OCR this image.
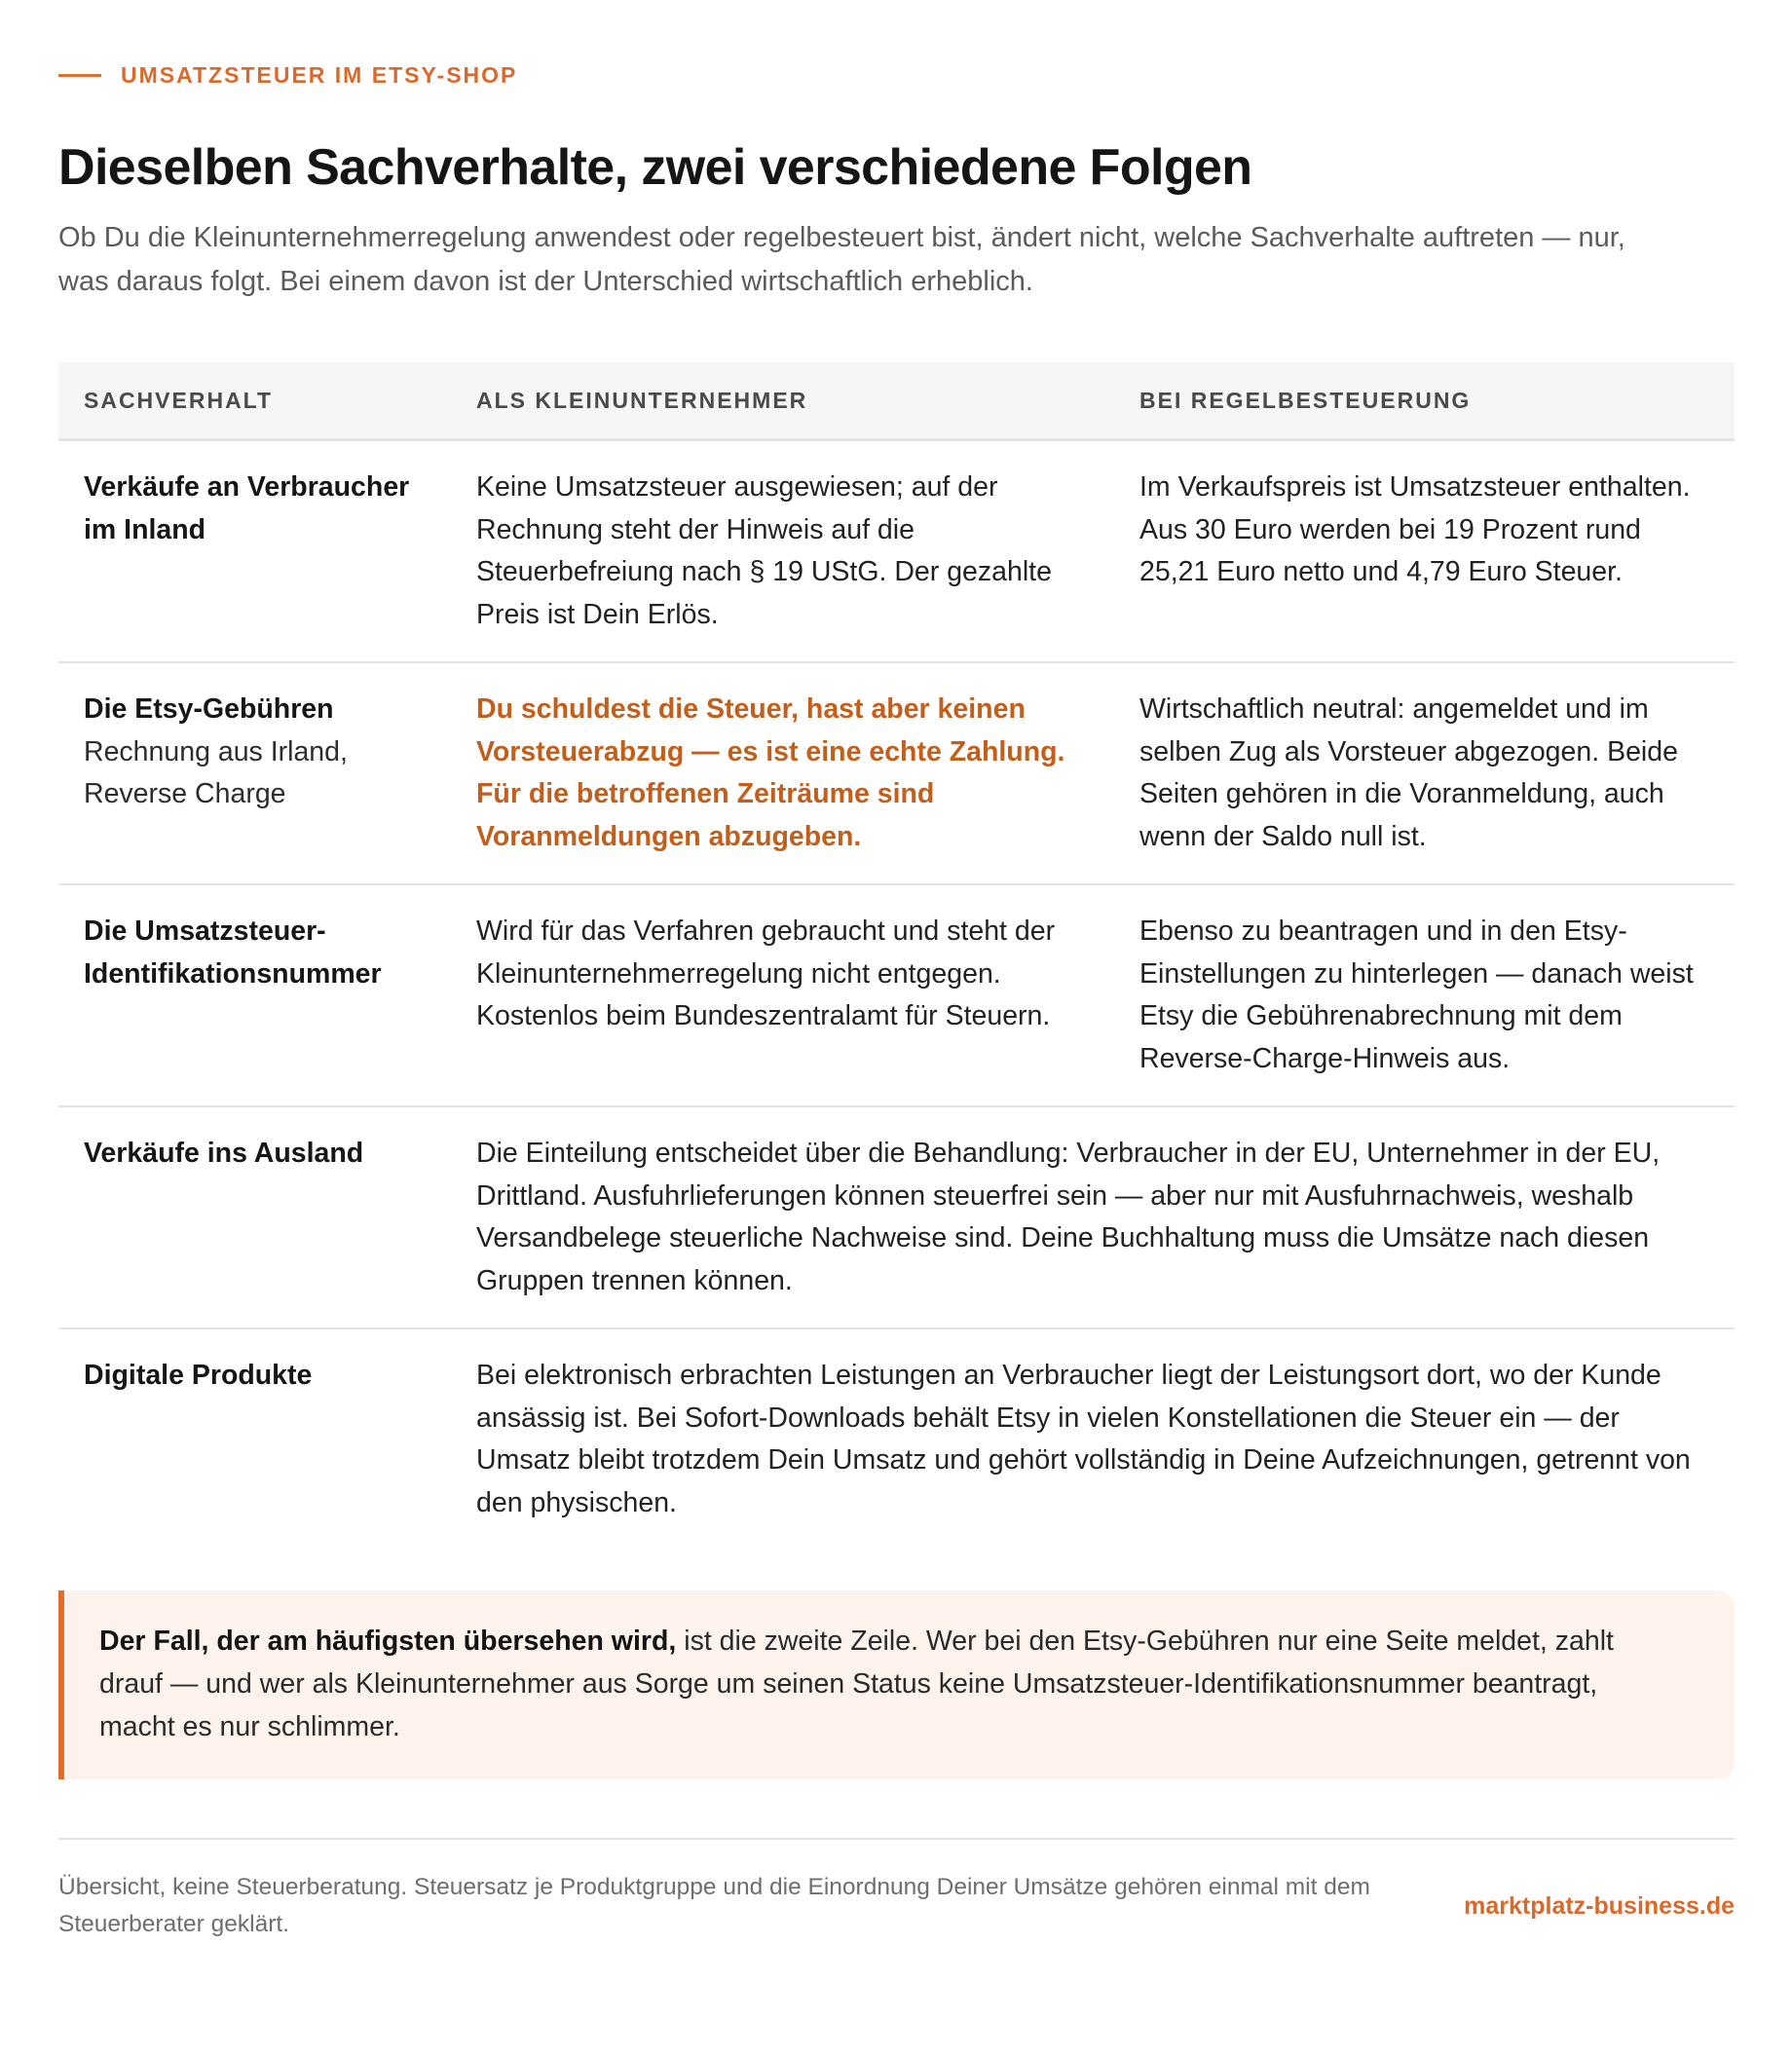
UMSATZSTEUER IM ETSY-SHOP
Dieselben Sachverhalte, zwei verschiedene Folgen

Ob Du die Kleinunternehmerregelung anwendest oder regelbesteuert bist, ändert nicht, welche Sachverhalte auftreten — nur, was daraus folgt. Bei einem davon ist der Unterschied wirtschaftlich erheblich.

SACHVERHALT	ALS KLEINUNTERNEHMER	BEI REGELBESTEUERUNG

Verkäufe an Verbraucher im Inland	Keine Umsatzsteuer ausgewiesen; auf der Rechnung steht der Hinweis auf die Steuerbefreiung nach § 19 UStG. Der gezahlte Preis ist Dein Erlös.	Im Verkaufspreis ist Umsatzsteuer enthalten. Aus 30 Euro werden bei 19 Prozent rund 25,21 Euro netto und 4,79 Euro Steuer.

Die Etsy-Gebühren
Rechnung aus Irland, Reverse Charge	Du schuldest die Steuer, hast aber keinen Vorsteuerabzug — es ist eine echte Zahlung. Für die betroffenen Zeiträume sind Voranmeldungen abzugeben.	Wirtschaftlich neutral: angemeldet und im selben Zug als Vorsteuer abgezogen. Beide Seiten gehören in die Voranmeldung, auch wenn der Saldo null ist.

Die Umsatzsteuer-Identifikationsnummer	Wird für das Verfahren gebraucht und steht der Kleinunternehmerregelung nicht entgegen. Kostenlos beim Bundeszentralamt für Steuern.	Ebenso zu beantragen und in den Etsy-Einstellungen zu hinterlegen — danach weist Etsy die Gebührenabrechnung mit dem Reverse-Charge-Hinweis aus.

Verkäufe ins Ausland	Die Einteilung entscheidet über die Behandlung: Verbraucher in der EU, Unternehmer in der EU, Drittland. Ausfuhrlieferungen können steuerfrei sein — aber nur mit Ausfuhrnachweis, weshalb Versandbelege steuerliche Nachweise sind. Deine Buchhaltung muss die Umsätze nach diesen Gruppen trennen können.	

Digitale Produkte	Bei elektronisch erbrachten Leistungen an Verbraucher liegt der Leistungsort dort, wo der Kunde ansässig ist. Bei Sofort-Downloads behält Etsy in vielen Konstellationen die Steuer ein — der Umsatz bleibt trotzdem Dein Umsatz und gehört vollständig in Deine Aufzeichnungen, getrennt von den physischen.	
Der Fall, der am häufigsten übersehen wird, ist die zweite Zeile. Wer bei den Etsy-Gebühren nur eine Seite meldet, zahlt drauf — und wer als Kleinunternehmer aus Sorge um seinen Status keine Umsatzsteuer-Identifikationsnummer beantragt, macht es nur schlimmer.
Übersicht, keine Steuerberatung. Steuersatz je Produktgruppe und die Einordnung Deiner Umsätze gehören einmal mit dem Steuerberater geklärt.
marktplatz-business.de
